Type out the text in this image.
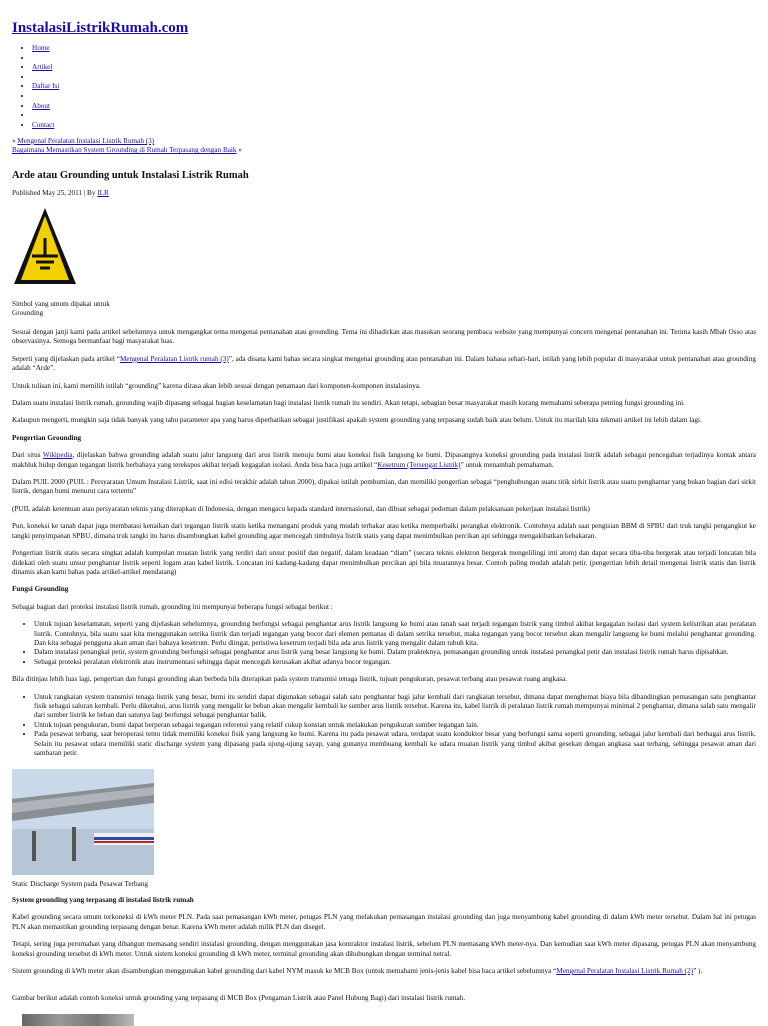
InstalasiListrikRumah.com
• Home
•
• Artikel
•
• Daftar Isi
•
• About
•
• Contact
« Mengenal Peralatan Instalasi Listrik Rumah (3)
Bagaimana Memastikan System Grounding di Rumah Terpasang dengan Baik »
Arde atau Grounding untuk Instalasi Listrik Rumah
Published May 25, 2011 | By ILR
Simbol yang umum dipakai untuk Grounding

Sesuai dengan janji kami pada artikel sebelumnya untuk mengangkat tema mengenai pentanahan atau grounding. Tema ini dihadirkan atas masukan seorang pembaca website yang mempunyai concern mengenai pentanahan ini. Terima kasih Mbah Osso atas observasinya. Semoga bermanfaat bagi masyarakat luas.

Seperti yang dijelaskan pada artikel “Mengenal Peralatan Listrik rumah (3)”, ada disana kami bahas secara singkat mengenai grounding atau pentanahan ini. Dalam bahasa sehari-hari, istilah yang lebih popular di masyarakat untuk pentanahan atau grounding adalah “Arde”.

Untuk tulisan ini, kami memilih istilah “grounding” karena dirasa akan lebih sesuai dengan penamaan dari komponen-komponen instalasinya.

Dalam suatu instalasi listrik rumah, grounding wajib dipasang sebagai bagian keselamatan bagi instalasi listrik rumah itu sendiri. Akan tetapi, sebagian besar masyarakat masih kurang memahami seberapa penting fungsi grounding ini.

Kalaupun mengerti, mungkin saja tidak banyak yang tahu parameter apa yang harus diperhatikan sebagai justifikasi apakah system grounding yang terpasang sudah baik atau belum. Untuk itu marilah kita nikmati artikel ini lebih dalam lagi.

Pengertian Grounding

Dari situs Wikipedia, dijelaskan bahwa grounding adalah suatu jalur langsung dari arus listrik menuju bumi atau koneksi fisik langsung ke bumi. Dipasangnya koneksi grounding pada instalasi listrik adalah sebagai pencegahan terjadinya kontak antara makhluk hidup dengan tegangan listrik berbahaya yang terekspos akibat terjadi kegagalan isolasi. Anda bisa baca juga artikel “Kesetrum (Tersengat Listrik)” untuk menambah pemahaman.

Dalam PUIL 2000 (PUIL : Persyaratan Umum Instalasi Listrik, saat ini edisi terakhir adalah tahun 2000), dipakai istilah pembumian, dan memiliki pengertian sebagai “penghubungan suatu titik sirkit listrik atau suatu penghantar yang bukan bagian dari sirkit listrik, dengan bumi menurut cara tertentu”

(PUIL adalah ketentuan atau persyaratan teknis yang diterapkan di Indonesia, dengan mengacu kepada standard internasional, dan dibuat sebagai pedoman dalam pelaksanaan pekerjaan instalasi listrik)

Pun, koneksi ke tanah dapat juga membatasi kenaikan dari tegangan listrik statis ketika menangani produk yang mudah terbakar atau ketika memperbaiki perangkat elektronik. Contohnya adalah saat pengisian BBM di SPBU dari truk tangki pengangkut ke tangki penyimpanan SPBU, dimana truk tangki itu harus disambungkan kabel grounding agar mencegah timbulnya listrik statis yang dapat menimbulkan percikan api sehingga mengakibatkan kebakaran.

Pengertian listrik statis secara singkat adalah kumpulan muatan listrik yang terdiri dari unsur positif dan negatif, dalam keadaan “diam” (secara teknis elektron bergerak mengelilingi inti atom) dan dapat secara tiba-tiba bergerak atau terjadi loncatan bila didekati oleh suatu unsur penghantar listrik seperti logam atau kabel listrik. Loncatan ini kadang-kadang dapat menimbulkan percikan api bila muatannya besar. Contoh paling mudah adalah petir. (pengertian lebih detail mengenai listrik statis dan listrik dinamis akan kami bahas pada artikel-artikel mendatang)

Fungsi Grounding

Sebagai bagian dari proteksi instalasi listrik rumah, grounding ini mempunyai beberapa fungsi sebagai berikut :

• Untuk tujuan keselamatan, seperti yang dijelaskan sebelumnya, grounding berfungsi sebagai penghantar arus listrik langsung ke bumi atau tanah saat terjadi tegangan listrik yang timbul akibat kegagalan isolasi dari system kelistrikan atau peralatan listrik. Contohnya, bila suatu saat kita menggunakan setrika listrik dan terjadi tegangan yang bocor dari elemen pemanas di dalam setrika tersebut, maka tegangan yang bocor tersebut akan mengalir langsung ke bumi melalui penghantar grounding. Dan kita sebagai pengguna akan aman dari bahaya kesetrum. Perlu diingat, peristiwa kesetrum terjadi bila ada arus listrik yang mengalir dalam tubuh kita.
• Dalam instalasi penangkal petir, system grounding berfungsi sebagai penghantar arus listrik yang besar langsung ke bumi. Dalam prakteknya, pemasangan grounding untuk instalasi penangkal petir dan instalasi listrik rumah harus dipisahkan.
• Sebagai proteksi peralatan elektronik atau instrumentasi sehingga dapat mencegah kerusakan akibat adanya bocor tegangan.

Bila ditinjau lebih luas lagi, pengertian dan fungsi grounding akan berbeda bila diterapkan pada system transmisi tenaga listrik, tujuan pengukuran, pesawat terbang atau pesawat ruang angkasa.

• Untuk rangkaian system transmisi tenaga listrik yang besar, bumi itu sendiri dapat digunakan sebagai salah satu penghantar bagi jalur kembali dari rangkaian tersebut, dimana dapat menghemat biaya bila dibandingkan pemasangan satu penghantar fisik sebagai saluran kembali. Perlu diketahui, arus listrik yang mengalir ke beban akan mengalir kembali ke sumber arus listrik tersebut. Karena itu, kabel listrik di peralatan listrik rumah mempunyai minimal 2 penghantar, dimana salah satu mengalir dari sumber listrik ke beban dan satunya lagi berfungsi sebagai penghantar balik.
• Untuk tujuan pengukuran, bumi dapat berperan sebagai tegangan referensi yang relatif cukup konstan untuk melakukan pengukuran sumber tegangan lain.
• Pada pesawat terbang, saat beroperasi tentu tidak memiliki koneksi fisik yang langsung ke bumi. Karena itu pada pesawat udara, terdapat suatu konduktor besar yang berfungsi sama seperti grounding, sebagai jalur kembali dari berbagai arus listrik. Selain itu pesawat udara memiliki static discharge system yang dipasang pada ujung-ujung sayap, yang gunanya membuang kembali ke udara muatan listrik yang timbul akibat gesekan dengan angkasa saat terbang, sehingga pesawat aman dari sambaran petir.
Static Discharge System pada Pesawat Terbang
System grounding yang terpasang di instalasi listrik rumah

Kabel grounding secara umum terkoneksi di kWh meter PLN. Pada saat pemasangan kWh meter, petugas PLN yang melakukan pemasangan instalasi grounding dan juga menyambung kabel grounding di dalam kWh meter tersebut. Dalam hal ini petugas PLN akan memastikan grounding terpasang dengan benar. Karena kWh meter adalah milik PLN dan disegel.

Tetapi, sering juga perumahan yang dibangun memasang sendiri instalasi grounding, dengan menggunakan jasa kontraktor instalasi listrik, sebelum PLN memasang kWh meter-nya. Dan kemudian saat kWh meter dipasang, petugas PLN akan menyambung koneksi grounding tersebut di kWh meter. Untuk sistem koneksi grounding di kWh meter, terminal grounding akan dihubungkan dengan terminal netral.

Sistem grounding di kWh meter akan disambungkan menggunakan kabel grounding dari kabel NYM masuk ke MCB Box (untuk memahami jenis-jenis kabel bisa baca artikel sebelumnya “Mengenal Peralatan Instalasi Listrik Rumah (2)” ).

Gambar berikut adalah contoh koneksi untuk grounding yang terpasang di MCB Box (Pengaman Listrik atau Panel Hubung Bagi) dari instalasi listrik rumah.
